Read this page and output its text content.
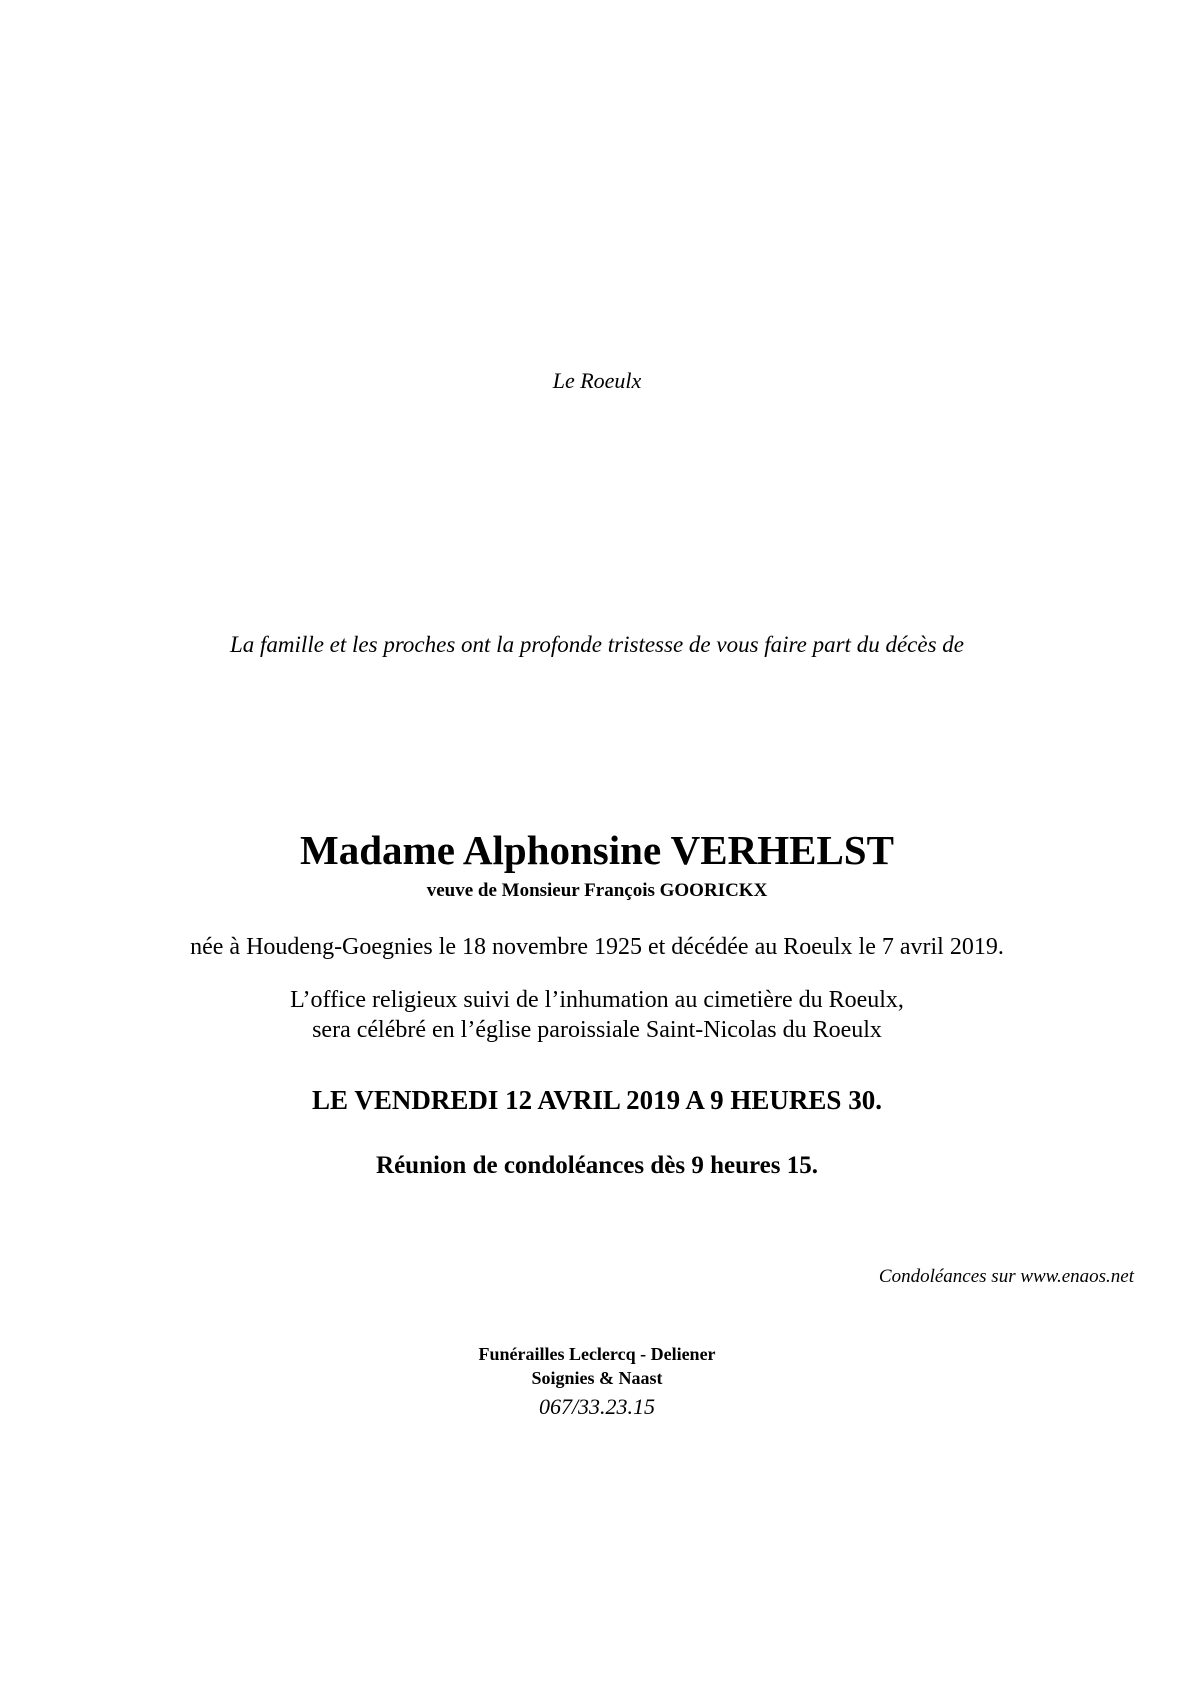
Le Roeulx

La famille et les proches ont la profonde tristesse de vous faire part du décès de

Madame Alphonsine VERHELST

veuve de Monsieur François GOORICKX

née à Houdeng-Goegnies le 18 novembre 1925 et décédée au Roeulx le 7 avril 2019.

L’office religieux suivi de l’inhumation au cimetière du Roeulx,

sera célébré en l’église paroissiale Saint-Nicolas du Roeulx

LE VENDREDI 12 AVRIL 2019 A 9 HEURES 30.

Réunion de condoléances dès 9 heures 15.

Condoléances sur www.enaos.net

Funérailles Leclercq - Deliener

Soignies & Naast

067/33.23.15
